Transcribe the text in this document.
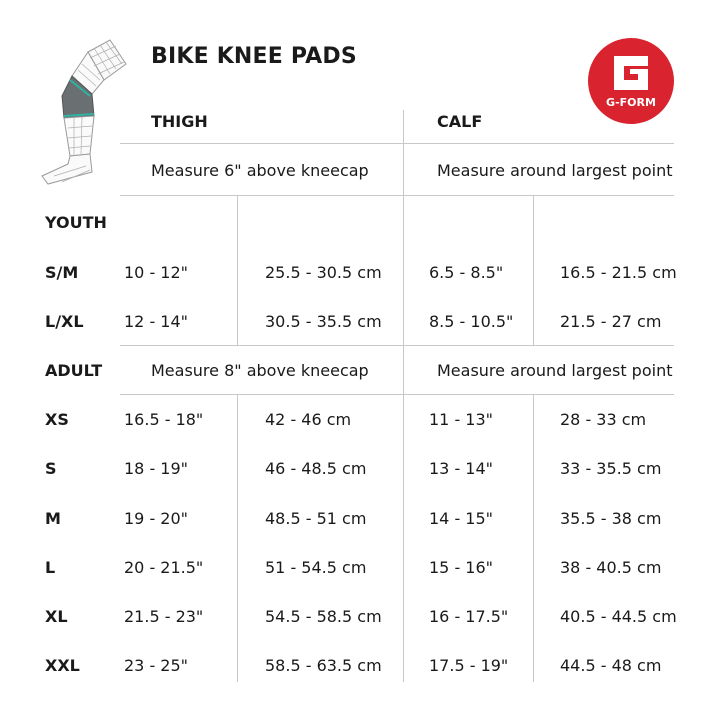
BIKE KNEE PADS
G-FORM
THIGH	CALF
Measure 6" above kneecap	Measure around largest point
YOUTH
S/M	10 - 12"	25.5 - 30.5 cm	6.5 - 8.5"	16.5 - 21.5 cm
L/XL	12 - 14"	30.5 - 35.5 cm	8.5 - 10.5"	21.5 - 27 cm
ADULT	Measure 8" above kneecap	Measure around largest point
XS	16.5 - 18"	42 - 46 cm	11 - 13"	28 - 33 cm
S	18 - 19"	46 - 48.5 cm	13 - 14"	33 - 35.5 cm
M	19 - 20"	48.5 - 51 cm	14 - 15"	35.5 - 38 cm
L	20 - 21.5"	51 - 54.5 cm	15 - 16"	38 - 40.5 cm
XL	21.5 - 23"	54.5 - 58.5 cm	16 - 17.5"	40.5 - 44.5 cm
XXL	23 - 25"	58.5 - 63.5 cm	17.5 - 19"	44.5 - 48 cm
